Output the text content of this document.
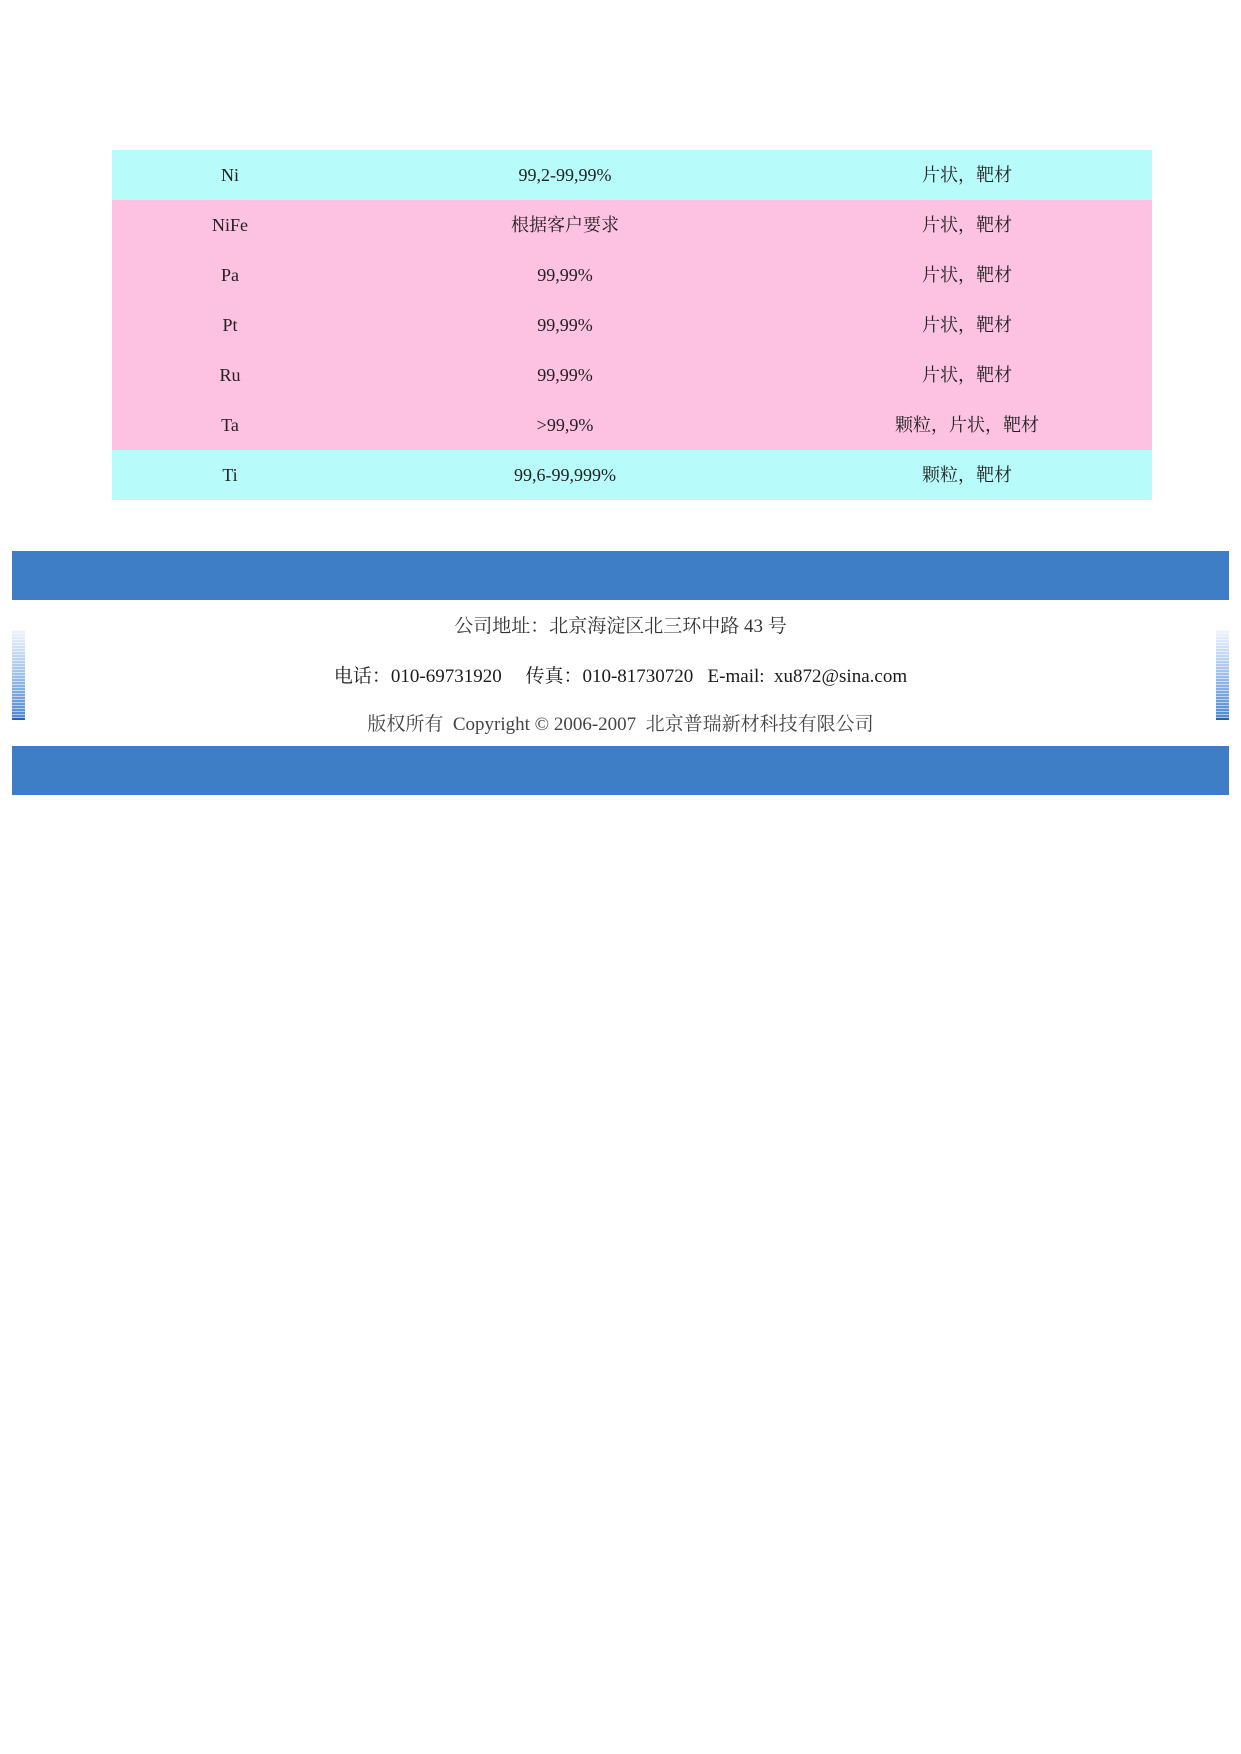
Ni	99,2-99,99%	片状，靶材
NiFe	根据客户要求	片状，靶材
Pa	99,99%	片状，靶材
Pt	99,99%	片状，靶材
Ru	99,99%	片状，靶材
Ta	>99,9%	颗粒，片状，靶材
Ti	99,6-99,999%	颗粒，靶材
公司地址：北京海淀区北三环中路 43 号
电话：010-69731920     传真：010-81730720   E-mail:  xu872@sina.com
版权所有  Copyright © 2006-2007  北京普瑞新材科技有限公司
